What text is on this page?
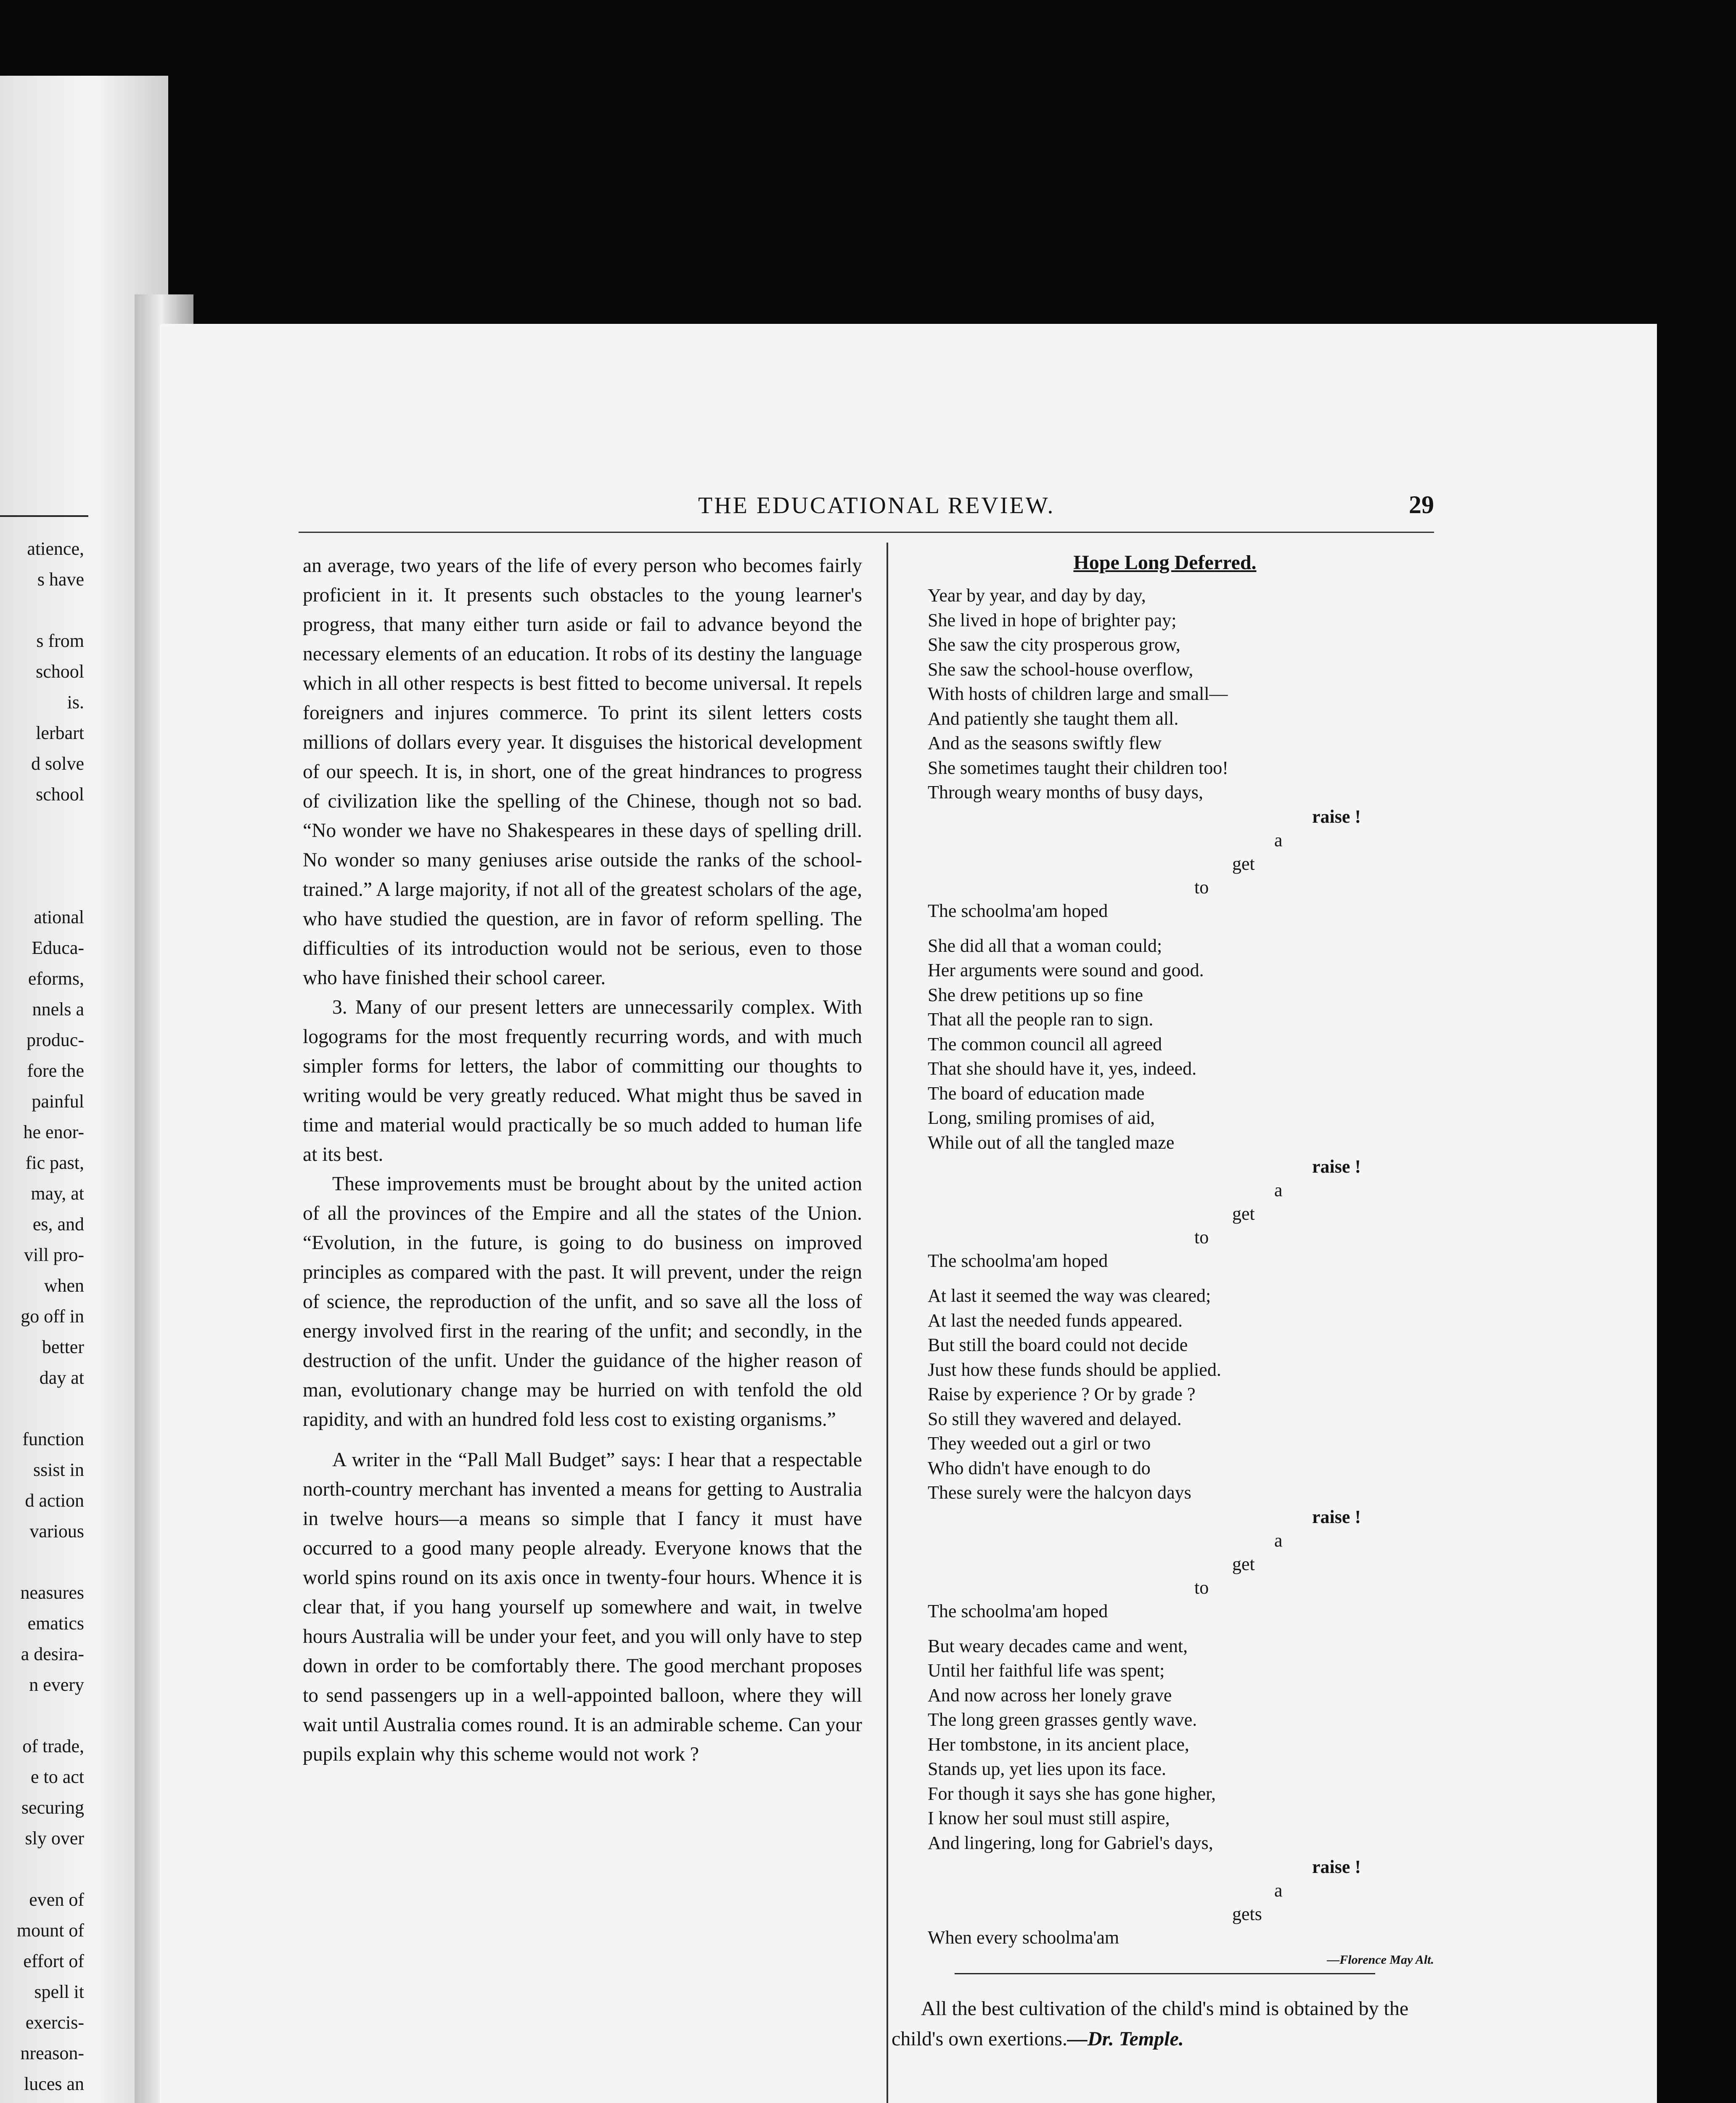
atience,
s have

s from
school
is.
lerbart
d solve
school

ational
Educa-
eforms,
nnels a
produc-
fore the
painful
he enor-
fic past,
may, at
es, and
vill pro-
when
go off in
better
day at

function
ssist in
d action
various

neasures
ematics
a desira-
n every

of trade,
e to act
securing
sly over

even of
mount of
effort of
spell it
exercis-
nreason-
luces an
THE EDUCATIONAL REVIEW.	29

an average, two years of the life of every person who becomes fairly proficient in it. It presents such obstacles to the young learner's progress, that many either turn aside or fail to advance beyond the necessary elements of an education. It robs of its destiny the language which in all other respects is best fitted to become universal. It repels foreigners and injures commerce. To print its silent letters costs millions of dollars every year. It disguises the historical development of our speech. It is, in short, one of the great hindrances to progress of civilization like the spelling of the Chinese, though not so bad. “No wonder we have no Shakespeares in these days of spelling drill. No wonder so many geniuses arise outside the ranks of the school-trained.” A large majority, if not all of the greatest scholars of the age, who have studied the question, are in favor of reform spelling. The difficulties of its introduction would not be serious, even to those who have finished their school career.

3. Many of our present letters are unnecessarily complex. With logograms for the most frequently recurring words, and with much simpler forms for letters, the labor of committing our thoughts to writing would be very greatly reduced. What might thus be saved in time and material would practically be so much added to human life at its best.

These improvements must be brought about by the united action of all the provinces of the Empire and all the states of the Union. “Evolution, in the future, is going to do business on improved principles as compared with the past. It will prevent, under the reign of science, the reproduction of the unfit, and so save all the loss of energy involved first in the rearing of the unfit; and secondly, in the destruction of the unfit. Under the guidance of the higher reason of man, evolutionary change may be hurried on with tenfold the old rapidity, and with an hundred fold less cost to existing organisms.”

A writer in the “Pall Mall Budget” says: I hear that a respectable north-country merchant has invented a means for getting to Australia in twelve hours—a means so simple that I fancy it must have occurred to a good many people already. Everyone knows that the world spins round on its axis once in twenty-four hours. Whence it is clear that, if you hang yourself up somewhere and wait, in twelve hours Australia will be under your feet, and you will only have to step down in order to be comfortably there. The good merchant proposes to send passengers up in a well-appointed balloon, where they will wait until Australia comes round. It is an admirable scheme. Can your pupils explain why this scheme would not work ?

Hope Long Deferred.
Year by year, and day by day,
She lived in hope of brighter pay;
She saw the city prosperous grow,
She saw the school-house overflow,
With hosts of children large and small—
And patiently she taught them all.
And as the seasons swiftly flew
She sometimes taught their children too!
Through weary months of busy days,
raise !
a
get
to
The schoolma'am hoped
She did all that a woman could;
Her arguments were sound and good.
She drew petitions up so fine
That all the people ran to sign.
The common council all agreed
That she should have it, yes, indeed.
The board of education made
Long, smiling promises of aid,
While out of all the tangled maze
raise !
a
get
to
The schoolma'am hoped
At last it seemed the way was cleared;
At last the needed funds appeared.
But still the board could not decide
Just how these funds should be applied.
Raise by experience ? Or by grade ?
So still they wavered and delayed.
They weeded out a girl or two
Who didn't have enough to do
These surely were the halcyon days
raise !
a
get
to
The schoolma'am hoped
But weary decades came and went,
Until her faithful life was spent;
And now across her lonely grave
The long green grasses gently wave.
Her tombstone, in its ancient place,
Stands up, yet lies upon its face.
For though it says she has gone higher,
I know her soul must still aspire,
And lingering, long for Gabriel's days,
raise !
a
gets
When every schoolma'am
—Florence May Alt.
All the best cultivation of the child's mind is obtained by the child's own exertions.—Dr. Temple.
